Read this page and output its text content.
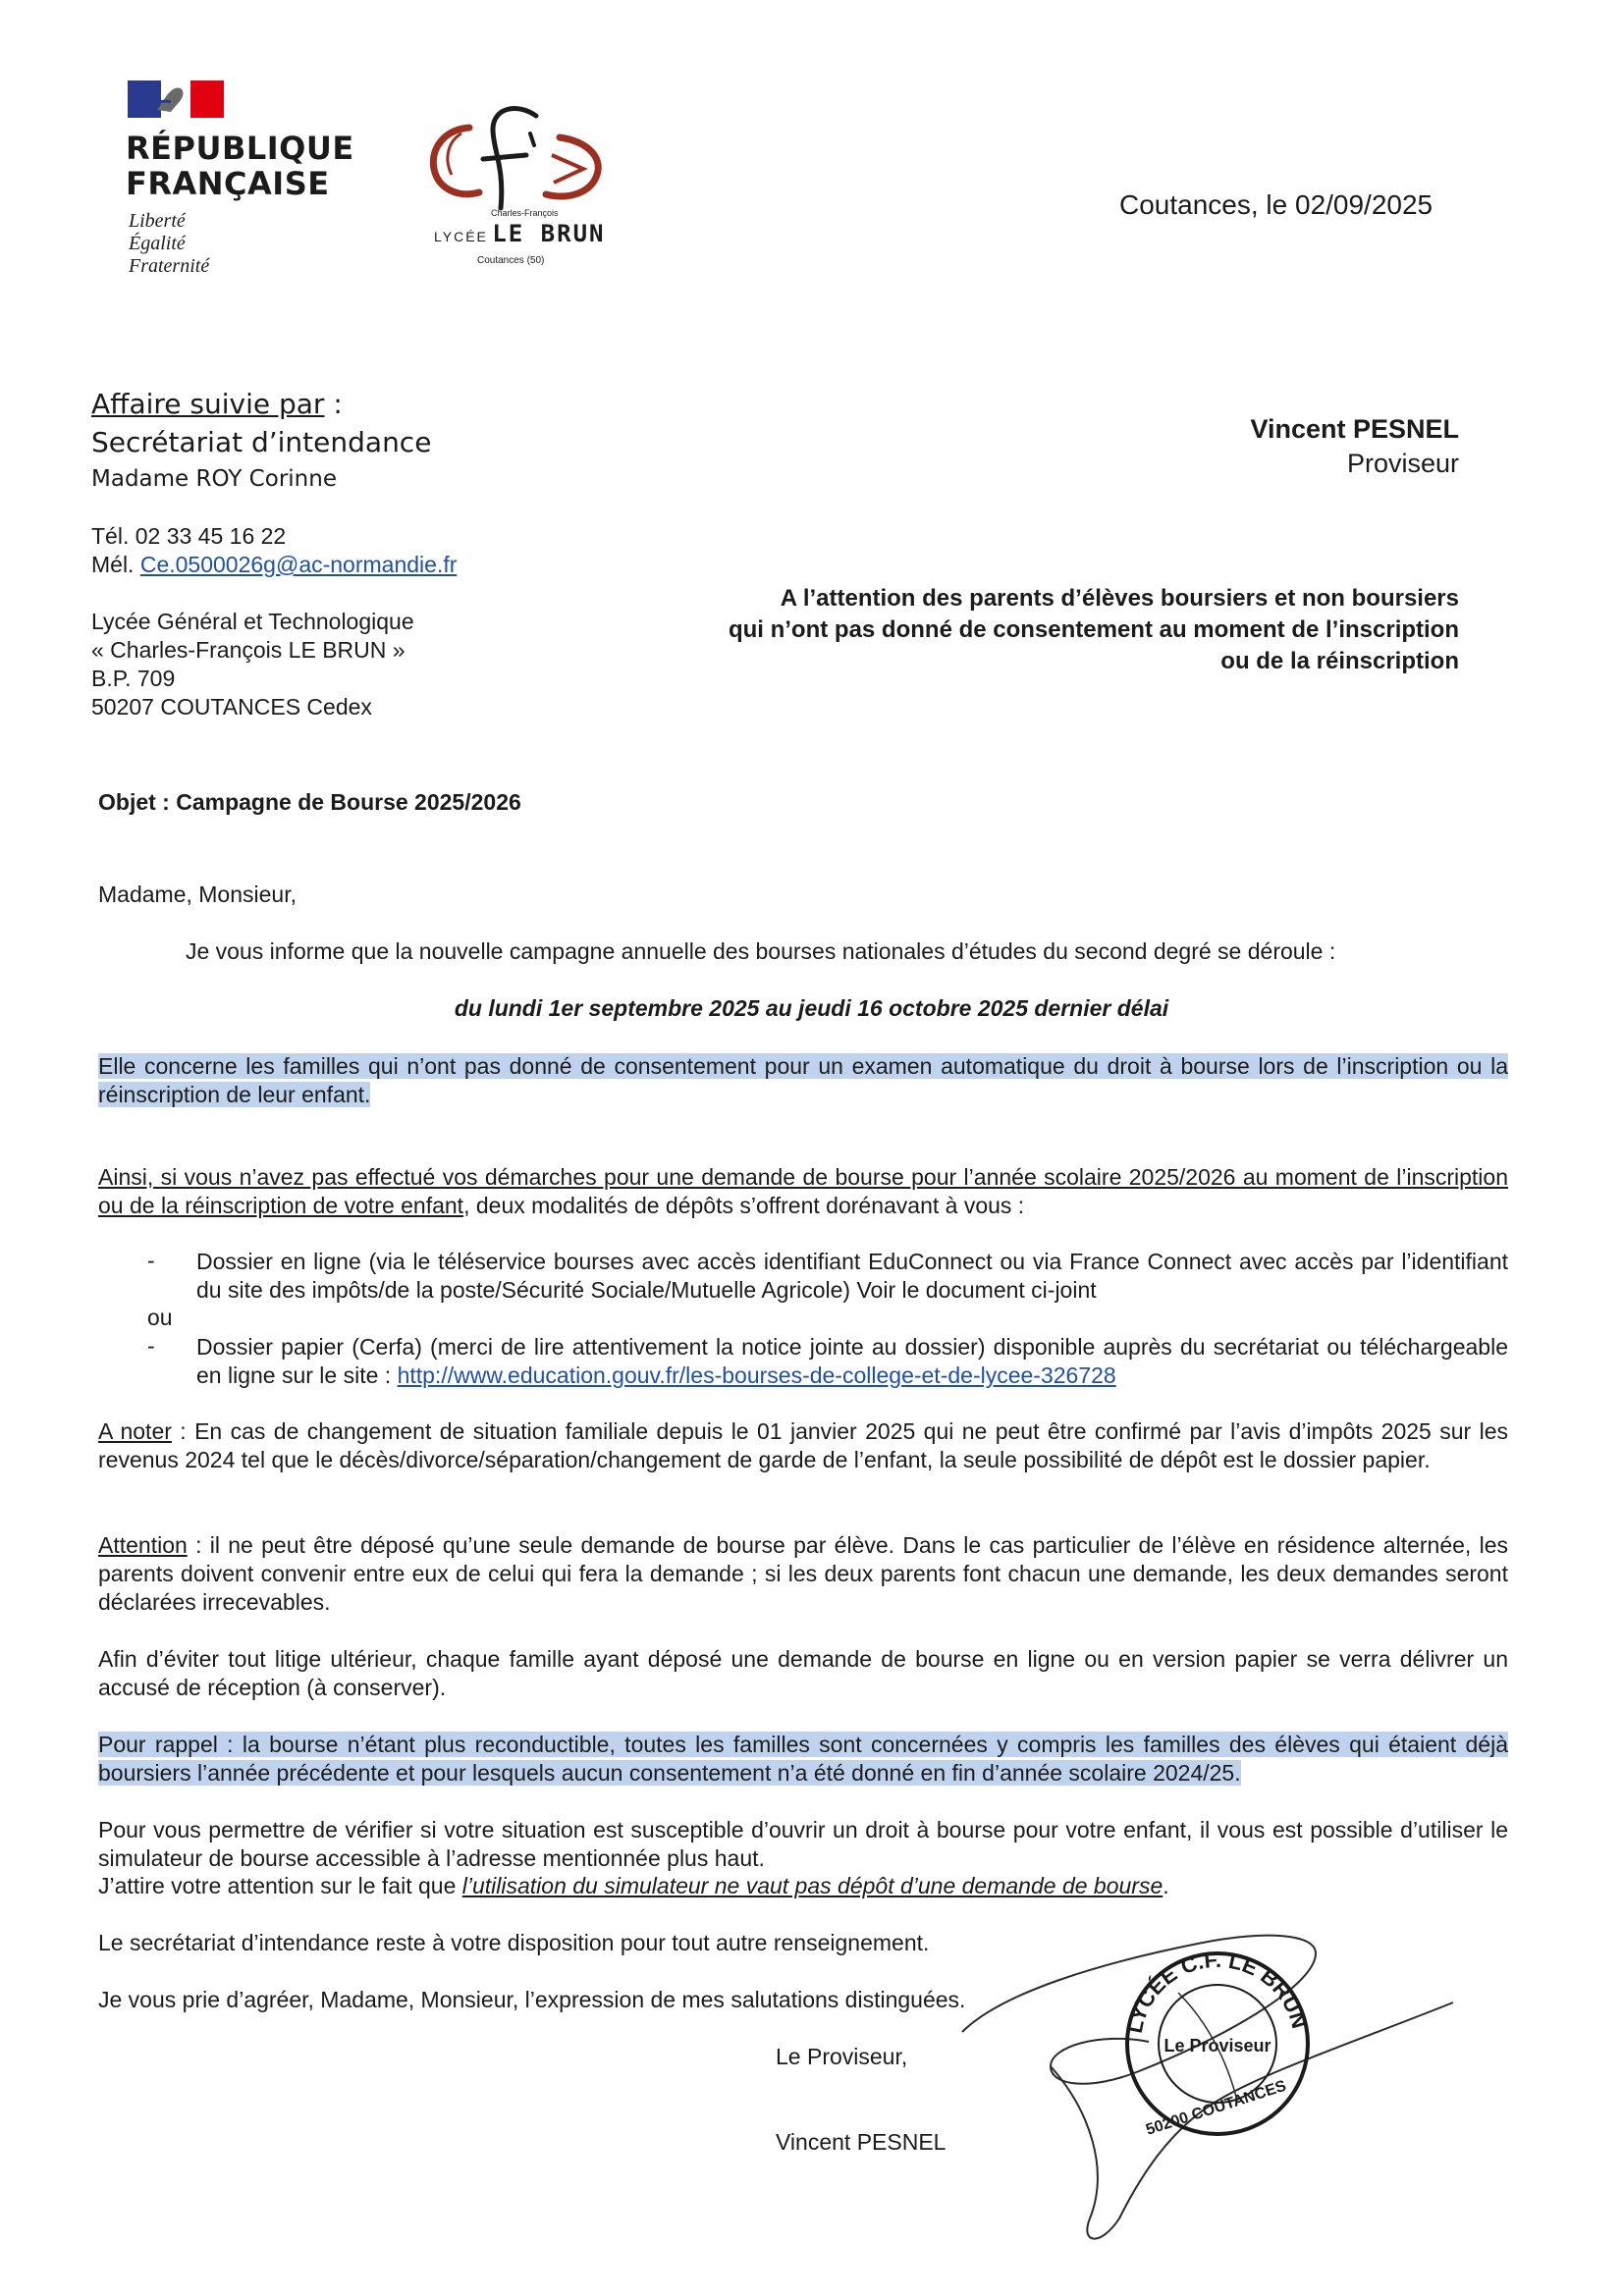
RÉPUBLIQUE
FRANÇAISE
Liberté
Égalité
Fraternité
Charles-François
LYCÉE LE BRUN
Coutances (50)
Coutances, le 02/09/2025
Affaire suivie par :
Secrétariat d’intendance
Madame ROY Corinne
Tél. 02 33 45 16 22
Mél. Ce.0500026g@ac-normandie.fr
Lycée Général et Technologique
« Charles-François LE BRUN »
B.P. 709
50207 COUTANCES Cedex
Vincent PESNEL
Proviseur
A l’attention des parents d’élèves boursiers et non boursiers
qui n’ont pas donné de consentement au moment de l’inscription
ou de la réinscription
Objet : Campagne de Bourse 2025/2026
Madame, Monsieur,
Je vous informe que la nouvelle campagne annuelle des bourses nationales d’études du second degré se déroule :
du lundi 1er septembre 2025 au jeudi 16 octobre 2025 dernier délai

Elle concerne les familles qui n’ont pas donné de consentement pour un examen automatique du droit à bourse lors de l’inscription ou la réinscription de leur enfant.

Ainsi, si vous n’avez pas effectué vos démarches pour une demande de bourse pour l’année scolaire 2025/2026 au moment de l’inscription ou de la réinscription de votre enfant, deux modalités de dépôts s’offrent dorénavant à vous :

- Dossier en ligne (via le téléservice bourses avec accès identifiant EduConnect ou via France Connect avec accès par l’identifiant du site des impôts/de la poste/Sécurité Sociale/Mutuelle Agricole) Voir le document ci-joint

ou
- Dossier papier (Cerfa) (merci de lire attentivement la notice jointe au dossier) disponible auprès du secrétariat ou téléchargeable en ligne sur le site : http://www.education.gouv.fr/les-bourses-de-college-et-de-lycee-326728

A noter : En cas de changement de situation familiale depuis le 01 janvier 2025 qui ne peut être confirmé par l’avis d’impôts 2025 sur les revenus 2024 tel que le décès/divorce/séparation/changement de garde de l’enfant, la seule possibilité de dépôt est le dossier papier.

Attention : il ne peut être déposé qu’une seule demande de bourse par élève. Dans le cas particulier de l’élève en résidence alternée, les parents doivent convenir entre eux de celui qui fera la demande ; si les deux parents font chacun une demande, les deux demandes seront déclarées irrecevables.

Afin d’éviter tout litige ultérieur, chaque famille ayant déposé une demande de bourse en ligne ou en version papier se verra délivrer un accusé de réception (à conserver).

Pour rappel : la bourse n’étant plus reconductible, toutes les familles sont concernées y compris les familles des élèves qui étaient déjà boursiers l’année précédente et pour lesquels aucun consentement n’a été donné en fin d’année scolaire 2024/25.

Pour vous permettre de vérifier si votre situation est susceptible d’ouvrir un droit à bourse pour votre enfant, il vous est possible d’utiliser le simulateur de bourse accessible à l’adresse mentionnée plus haut.

J’attire votre attention sur le fait que l’utilisation du simulateur ne vaut pas dépôt d’une demande de bourse.
Le secrétariat d’intendance reste à votre disposition pour tout autre renseignement.
Je vous prie d’agréer, Madame, Monsieur, l’expression de mes salutations distinguées.
Le Proviseur,
Vincent PESNEL
LYCÉE C.F. LE BRUN
Le Proviseur
50200 COUTANCES
